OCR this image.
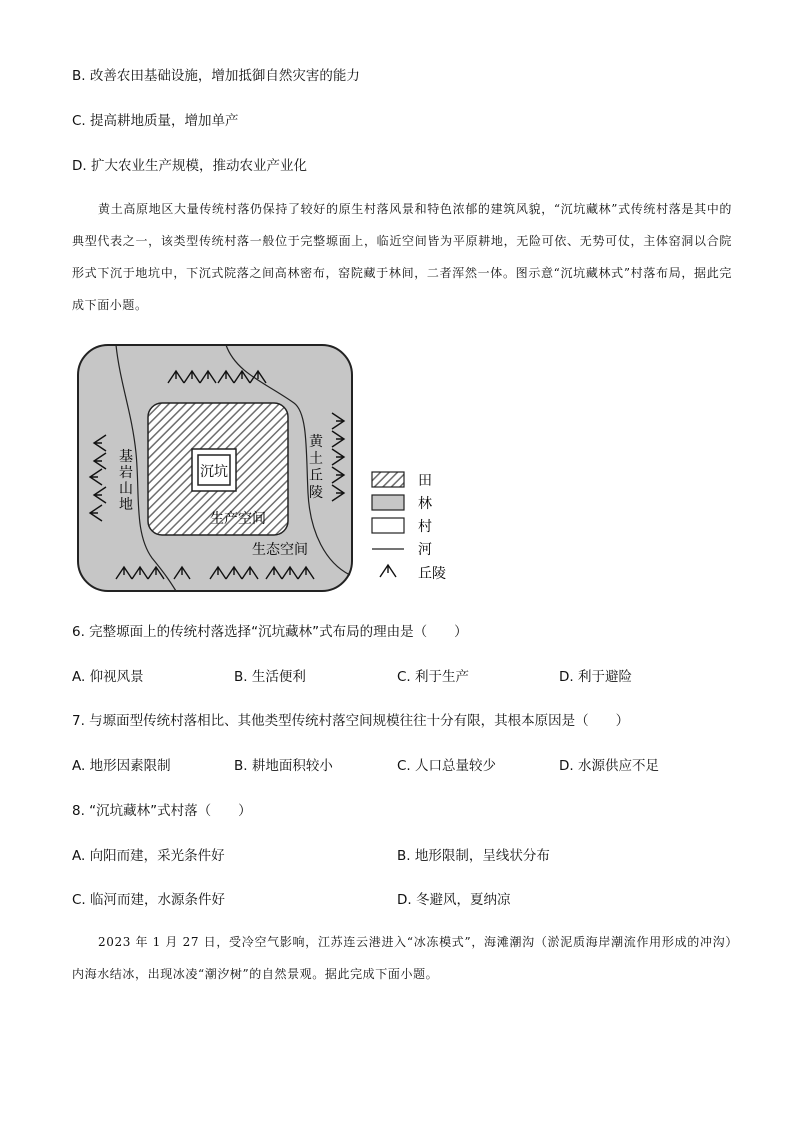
B. 改善农田基础设施，增加抵御自然灾害的能力
C. 提高耕地质量，增加单产
D. 扩大农业生产规模，推动农业产业化
黄土高原地区大量传统村落仍保持了较好的原生村落风景和特色浓郁的建筑风貌，“沉坑藏林”式传统村落是其中的典型代表之一，该类型传统村落一般位于完整塬面上，临近空间皆为平原耕地，无险可依、无势可仗，主体窑洞以合院形式下沉于地坑中，下沉式院落之间高林密布，窑院藏于林间，二者浑然一体。图示意“沉坑藏林式”村落布局，据此完成下面小题。
沉坑
生产空间
生态空间
基
岩
山
地
黄
土
丘
陵
田
林
村
河
丘陵
6. 完整塬面上的传统村落选择“沉坑藏林”式布局的理由是（　　）
A. 仰视风景	B. 生活便利	C. 利于生产	D. 利于避险
7. 与塬面型传统村落相比、其他类型传统村落空间规模往往十分有限，其根本原因是（　　）
A. 地形因素限制	B. 耕地面积较小	C. 人口总量较少	D. 水源供应不足
8. “沉坑藏林”式村落（　　）
A. 向阳而建，采光条件好	B. 地形限制，呈线状分布
C. 临河而建，水源条件好	D. 冬避风，夏纳凉
2023 年 1 月 27 日，受冷空气影响，江苏连云港进入“冰冻模式”，海滩潮沟（淤泥质海岸潮流作用形成的冲沟）内海水结冰，出现冰凌“潮汐树”的自然景观。据此完成下面小题。
